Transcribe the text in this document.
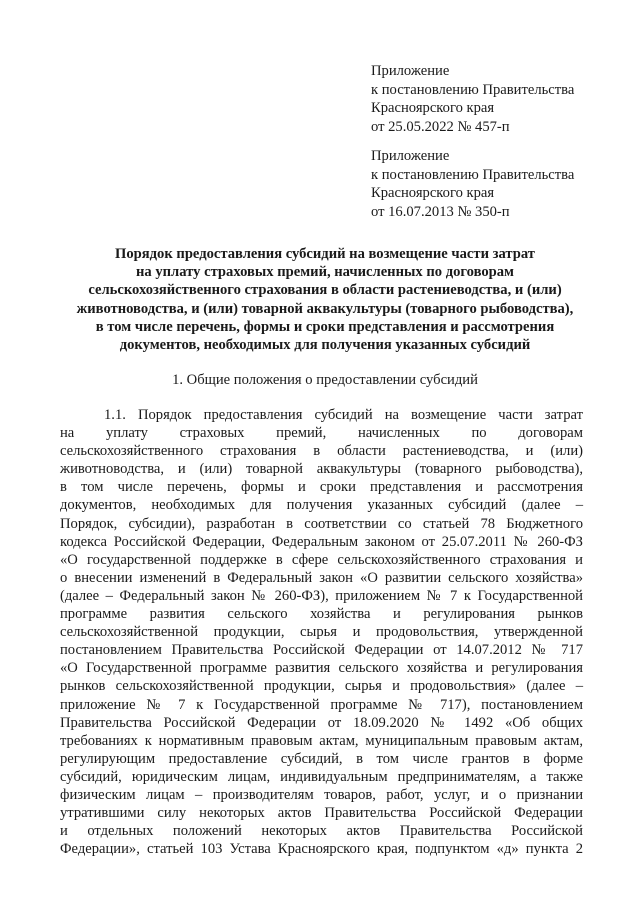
Приложение
к постановлению Правительства
Красноярского края
от 25.05.2022 № 457-п
Приложение
к постановлению Правительства
Красноярского края
от 16.07.2013 № 350-п
Порядок предоставления субсидий на возмещение части затрат
на уплату страховых премий, начисленных по договорам
сельскохозяйственного страхования в области растениеводства, и (или)
животноводства, и (или) товарной аквакультуры (товарного рыбоводства),
в том числе перечень, формы и сроки представления и рассмотрения
документов, необходимых для получения указанных субсидий
1. Общие положения о предоставлении субсидий
1.1. Порядок предоставления субсидий на возмещение части затрат
на уплату страховых премий, начисленных по договорам
сельскохозяйственного страхования в области растениеводства, и (или)
животноводства, и (или) товарной аквакультуры (товарного рыбоводства),
в том числе перечень, формы и сроки представления и рассмотрения
документов, необходимых для получения указанных субсидий (далее –
Порядок, субсидии), разработан в соответствии со статьей 78 Бюджетного
кодекса Российской Федерации, Федеральным законом от 25.07.2011 № 260-ФЗ
«О государственной поддержке в сфере сельскохозяйственного страхования и
о внесении изменений в Федеральный закон «О развитии сельского хозяйства»
(далее – Федеральный закон № 260-ФЗ), приложением № 7 к Государственной
программе развития сельского хозяйства и регулирования рынков
сельскохозяйственной продукции, сырья и продовольствия, утвержденной
постановлением Правительства Российской Федерации от 14.07.2012 № 717
«О Государственной программе развития сельского хозяйства и регулирования
рынков сельскохозяйственной продукции, сырья и продовольствия» (далее –
приложение № 7 к Государственной программе № 717), постановлением
Правительства Российской Федерации от 18.09.2020 № 1492 «Об общих
требованиях к нормативным правовым актам, муниципальным правовым актам,
регулирующим предоставление субсидий, в том числе грантов в форме
субсидий, юридическим лицам, индивидуальным предпринимателям, а также
физическим лицам – производителям товаров, работ, услуг, и о признании
утратившими силу некоторых актов Правительства Российской Федерации
и отдельных положений некоторых актов Правительства Российской
Федерации», статьей 103 Устава Красноярского края, подпунктом «д» пункта 2
